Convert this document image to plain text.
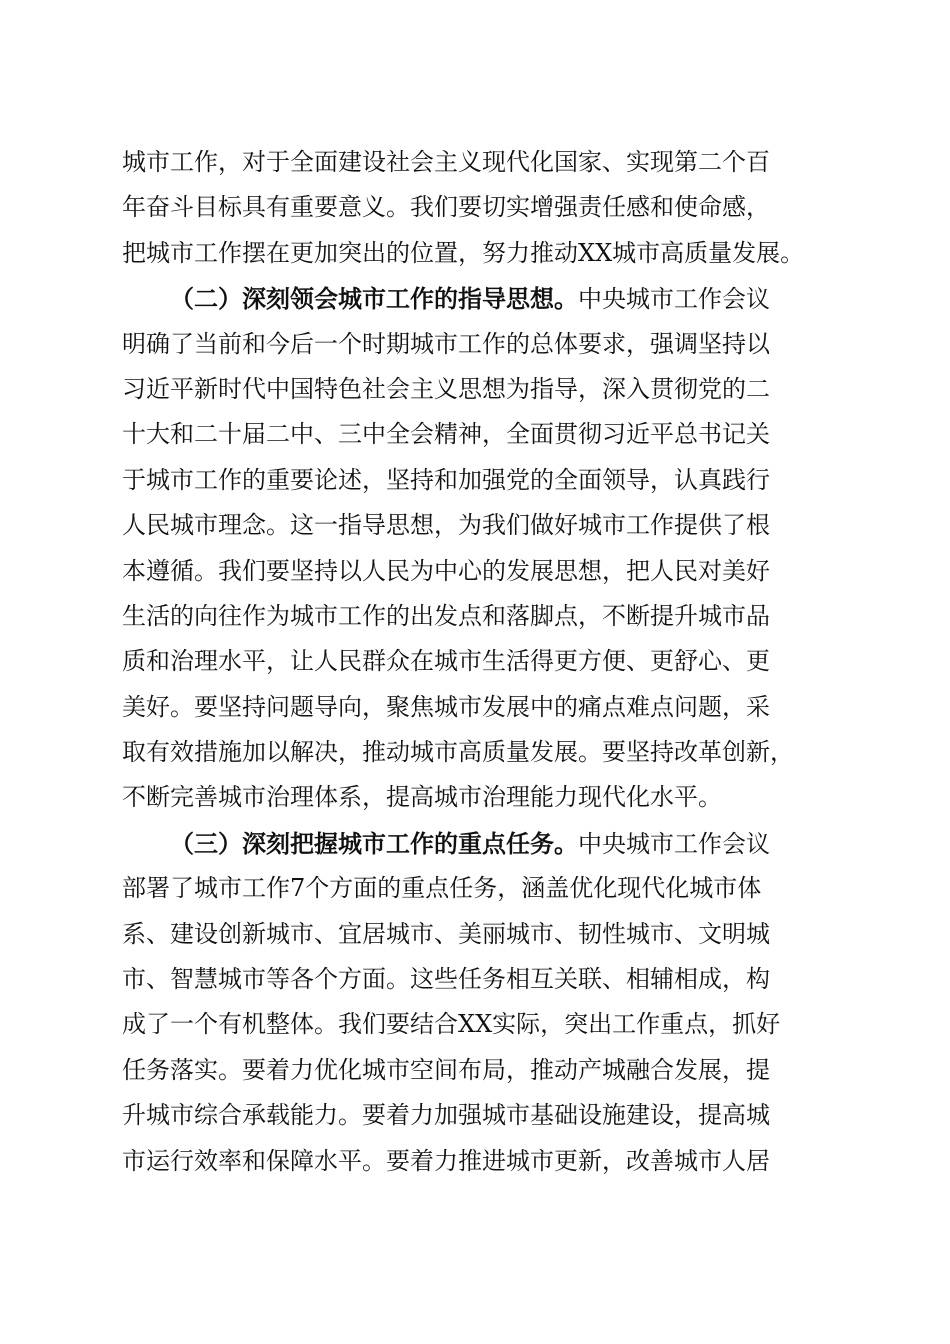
城市工作，对于全面建设社会主义现代化国家、实现第二个百
年奋斗目标具有重要意义。我们要切实增强责任感和使命感，
把城市工作摆在更加突出的位置，努力推动XX城市高质量发展。
（二）深刻领会城市工作的指导思想。中央城市工作会议
明确了当前和今后一个时期城市工作的总体要求，强调坚持以
习近平新时代中国特色社会主义思想为指导，深入贯彻党的二
十大和二十届二中、三中全会精神，全面贯彻习近平总书记关
于城市工作的重要论述，坚持和加强党的全面领导，认真践行
人民城市理念。这一指导思想，为我们做好城市工作提供了根
本遵循。我们要坚持以人民为中心的发展思想，把人民对美好
生活的向往作为城市工作的出发点和落脚点，不断提升城市品
质和治理水平，让人民群众在城市生活得更方便、更舒心、更
美好。要坚持问题导向，聚焦城市发展中的痛点难点问题，采
取有效措施加以解决，推动城市高质量发展。要坚持改革创新，
不断完善城市治理体系，提高城市治理能力现代化水平。
（三）深刻把握城市工作的重点任务。中央城市工作会议
部署了城市工作7个方面的重点任务，涵盖优化现代化城市体
系、建设创新城市、宜居城市、美丽城市、韧性城市、文明城
市、智慧城市等各个方面。这些任务相互关联、相辅相成，构
成了一个有机整体。我们要结合XX实际，突出工作重点，抓好
任务落实。要着力优化城市空间布局，推动产城融合发展，提
升城市综合承载能力。要着力加强城市基础设施建设，提高城
市运行效率和保障水平。要着力推进城市更新，改善城市人居
